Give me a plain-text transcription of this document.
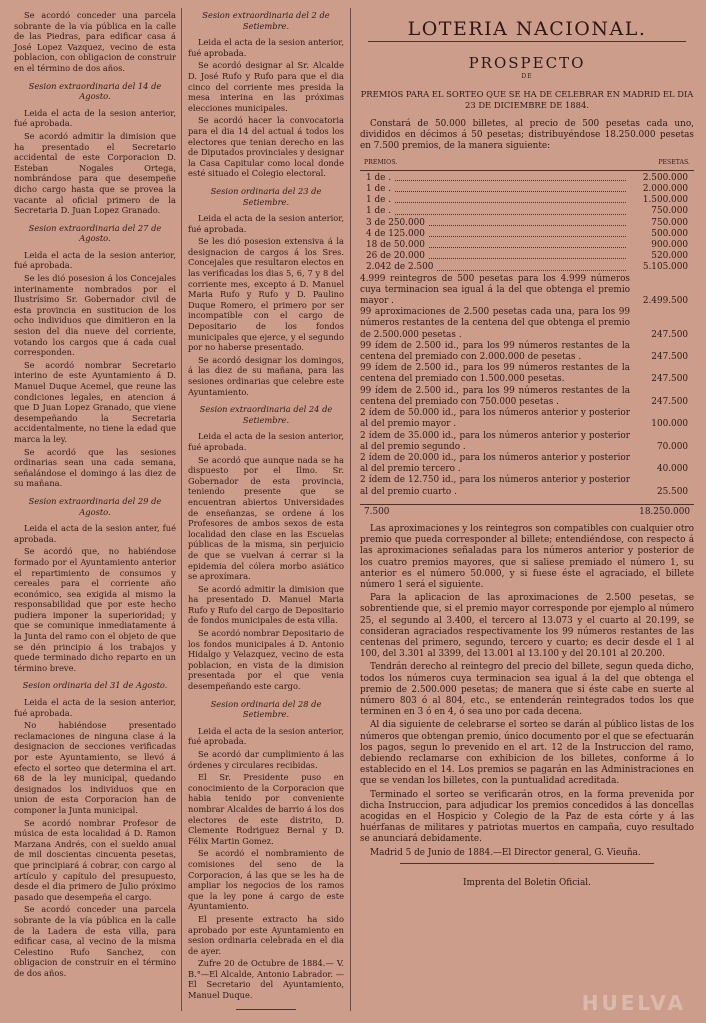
Se acordó conceder una parcela sobrante de la vía pública en la calle de las Piedras, para edificar casa á José Lopez Vazquez, vecino de esta poblacion, con obligacion de construir en el término de dos años.

Sesion extraordinaria del 14 de Agosto.

Leida el acta de la sesion anterior, fué aprobada.

Se acordó admitir la dimision que ha presentado el Secretario accidental de este Corporacion D. Esteban Nogales Ortega, nombrándose para que desempeñe dicho cargo hasta que se provea la vacante al oficial primero de la Secretaria D. Juan Lopez Granado.

Sesion extraordinaria del 27 de Agosto.

Leida el acta de la sesion anterior, fué aprobada.

Se les dió posesion á los Concejales interinamente nombrados por el Ilustrísimo Sr. Gobernador civil de esta provincia en sustitucion de los ocho individuos que dimitieron en la sesion del dia nueve del corriente, votando los cargos que á cada cual corresponden.

Se acordó nombrar Secretario interino de este Ayuntamiento á D. Manuel Duque Acemel, que reune las condiciones legales, en atencion á que D Juan Lopez Granado, que viene desempeñando la Secretaria accidentalmente, no tiene la edad que marca la ley.

Se acordó que las sesiones ordinarias sean una cada semana, señalándose el domingo á las diez de su mañana.

Sesion extraordinaria del 29 de Agosto.

Leida el acta de la sesion anter, fué aprobada.

Se acordó que, no habiéndose formado por el Ayuntamiento anterior el repartimiento de consumos y cereales para el corriente año económico, sea exigida al mismo la responsabilidad que por este hecho pudiera imponer la superioridad; y que se comunique inmediatamente á la Junta del ramo con el objeto de que se dén principio á los trabajos y quede terminado dicho reparto en un término breve.

Sesion ordinaria del 31 de Agosto.

Leida el acta de la sesion anterior, fué aprobada.

No habiéndose presentado reclamaciones de ninguna clase á la designacion de secciones verificadas por este Ayuntamiento, se llevó á efecto el sorteo que determina el art. 68 de la ley municipal, quedando designados los individuos que en union de esta Corporacion han de componer la Junta municipal.

Se acordó nombrar Profesor de música de esta localidad á D. Ramon Marzana Andrés, con el sueldo anual de mil doscientas cincuenta pesetas, que principiará á cobrar, con cargo al artículo y capítulo del presupuesto, desde el dia primero de Julio próximo pasado que desempeña el cargo.

Se acordó conceder una parcela sobrante de la vía pública en la calle de la Ladera de esta villa, para edificar casa, al vecino de la misma Celestino Rufo Sanchez, con obligacion de construir en el término de dos años.

Sesion extraordinaria del 2 de Setiembre.

Leida el acta de la sesion anterior, fué aprobada.

Se acordó designar al Sr. Alcalde D. José Rufo y Rufo para que el dia cinco del corriente mes presida la mesa interina en las próximas elecciones municipales.

Se acordó hacer la convocatoria para el dia 14 del actual á todos los electores que tenian derecho en las de Diputados provinciales y designar la Casa Capitular como local donde esté situado el Colegio electoral.

Sesion ordinaria del 23 de Setiembre.

Leida el acta de la sesion anterior, fué aprobada.

Se les dió posesion extensiva á la designacion de cargos á los Sres. Concejales que resultaron electos en las verificadas los dias 5, 6, 7 y 8 del corriente mes, excepto á D. Manuel Maria Rufo y Rufo y D. Paulino Duque Romero, el primero por ser incompatible con el cargo de Depositario de los fondos municipales que ejerce, y el segundo por no haberse presentado.

Se acordó designar los domingos, á las diez de su mañana, para las sesiones ordinarias que celebre este Ayuntamiento.

Sesion extraordinaria del 24 de Setiembre.

Leida el acta de la sesion anterior, fué aprobada.

Se acordó que aunque nada se ha dispuesto por el Ilmo. Sr. Gobernador de esta provincia, teniendo presente que se encuentran abiertos Universidades de enseñanzas, se ordene á los Profesores de ambos sexos de esta localidad den clase en las Escuelas públicas de la misma, sin perjuicio de que se vuelvan á cerrar si la epidemia del cólera morbo asiático se aproxímara.

Se acordó admitir la dimision que ha presentado D. Manuel Maria Rufo y Rufo del cargo de Depositario de fondos municipales de esta villa.

Se acordó nombrar Depositario de los fondos municipales á D. Antonio Hidalgo y Velazquez, vecino de esta poblacion, en vista de la dimision presentada por el que venia desempeñando este cargo.

Sesion ordinaria del 28 de Setiembre.

Leida el acta de la sesion anterior, fué aprobada.

Se acordó dar cumplimiento á las órdenes y circulares recibidas.

El Sr. Presidente puso en conocimiento de la Corporacion que habia tenido por conveniente nombrar Alcaldes de barrio á los dos electores de este distrito, D. Clemente Rodriguez Bernal y D. Félix Martin Gomez.

Se acordó el nombramiento de comisiones del seno de la Corporacion, á las que se les ha de ampliar los negocios de los ramos que la ley pone á cargo de este Ayuntamiento.

El presente extracto ha sido aprobado por este Ayuntamiento en sesion ordinaria celebrada en el dia de ayer.

Zufre 20 de Octubre de 1884.— V. B.°—El Alcalde, Antonio Labrador. —El Secretario del Ayuntamiento, Manuel Duque.

LOTERIA NACIONAL.
PROSPECTO
DE
PREMIOS PARA EL SORTEO QUE SE HA DE CELEBRAR EN MADRID EL DIA 23 DE DICIEMBRE DE 1884.

Constará de 50.000 billetes, al precio de 500 pesetas cada uno, divididos en décimos á 50 pesetas; distribuyéndose 18.250.000 pesetas en 7.500 premios, de la manera siguiente:

PREMIOS.	PESETAS.
1 de .	2.500.000
1 de .	2.000.000
1 de .	1.500.000
1 de .	750.000
3 de 250.000	750.000
4 de 125.000	500.000
18 de 50.000	900.000
26 de 20.000	520.000
2.042 de 2.500	5.105.000
4.999 reintegros de 500 pesetas para los 4.999 números cuya terminacion sea igual á la del que obtenga el premio mayor .	2.499.500
99 aproximaciones de 2.500 pesetas cada una, para los 99 números restantes de la centena del que obtenga el premio de 2.500.000 pesetas .	247.500
99 ídem de 2.500 id., para los 99 números restantes de la centena del premiado con 2.000.000 de pesetas .	247.500
99 ídem de 2.500 id., para los 99 números restantes de la centena del premiado con 1.500.000 pesetas.	247.500
99 ídem de 2.500 id., para los 99 números restantes de la centena del premiado con 750.000 pesetas .	247.500
2 ídem de 50.000 id., para los números anterior y posterior al del premio mayor .	100.000
2 ídem de 35.000 id., para los números anterior y posterior al del premio segundo .	70.000
2 ídem de 20.000 id., para los números anterior y posterior al del premio tercero .	40.000
2 ídem de 12.750 id., para los números anterior y posterior al del premio cuarto .	25.500
7.500	18.250.000

Las aproximaciones y los reintegros son compatibles con cualquier otro premio que pueda corresponder al billete; entendiéndose, con respecto á las aproximaciones señaladas para los números anterior y posterior de los cuatro premios mayores, que si saliese premiado el número 1, su anterior es el número 50.000, y si fuese éste el agraciado, el billete número 1 será el siguiente.

Para la aplicacion de las aproximaciones de 2.500 pesetas, se sobrentiende que, si el premio mayor corresponde por ejemplo al número 25, el segundo al 3.400, el tercero al 13.073 y el cuarto al 20.199, se consideran agraciados respectivamente los 99 números restantes de las centenas del primero, segundo, tercero y cuarto; es decir desde el 1 al 100, del 3.301 al 3399, del 13.001 al 13.100 y del 20.101 al 20.200.

Tendrán derecho al reintegro del precio del billete, segun queda dicho, todos los números cuya terminacion sea igual á la del que obtenga el premio de 2.500.000 pesetas; de manera que si éste cabe en suerte al número 803 ó al 804, etc., se entenderán reintegrados todos los que terminen en 3 ó en 4, ó sea uno por cada decena.

Al dia siguiente de celebrarse el sorteo se darán al público listas de los números que obtengan premio, único documento por el que se efectuarán los pagos, segun lo prevenido en el art. 12 de la Instruccion del ramo, debiendo reclamarse con exhibicion de los billetes, conforme á lo establecido en el 14. Los premios se pagarán en las Administraciones en que se vendan los billetes, con la puntualidad acreditada.

Terminado el sorteo se verificarán otros, en la forma prevenida por dicha Instruccion, para adjudicar los premios concedidos á las doncellas acogidas en el Hospicio y Colegio de la Paz de esta córte y á las huérfanas de militares y patriotas muertos en campaña, cuyo resultado se anunciará debidamente.

Madrid 5 de Junio de 1884.—El Director general, G. Vieuña.

Imprenta del Boletin Oficial.
HUELVA
